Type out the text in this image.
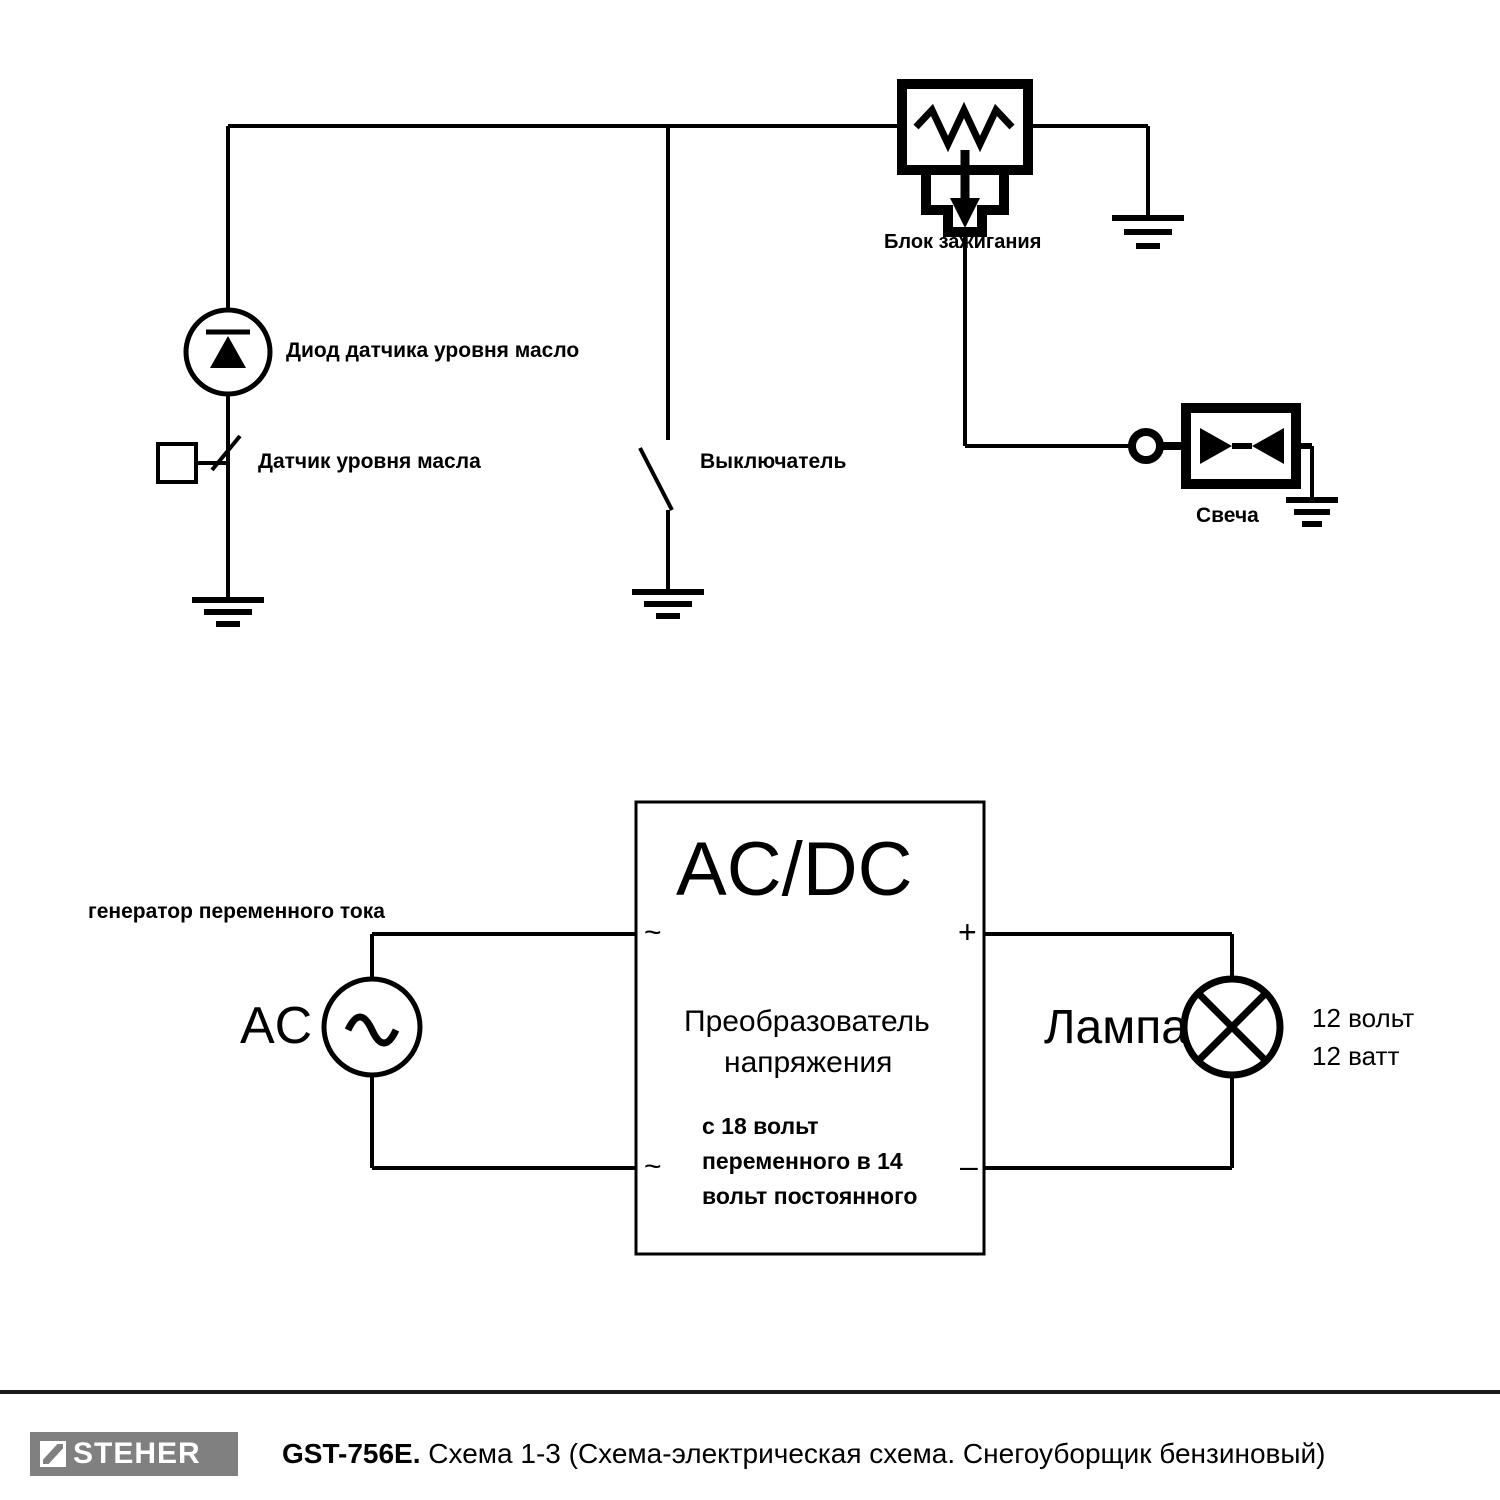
Блок зажигания
Диод датчика уровня масло
Датчик уровня масла	Выключатель
Свеча
генератор переменного тока
AC
AC/DC
Преобразователь
напряжения
с 18 вольт
переменного в 14
вольт постоянного
~
~
+
–
Лампа	12 вольт
12 ватт
STEHER	GST-756E. Схема 1-3 (Схема-электрическая схема. Снегоуборщик бензиновый)
